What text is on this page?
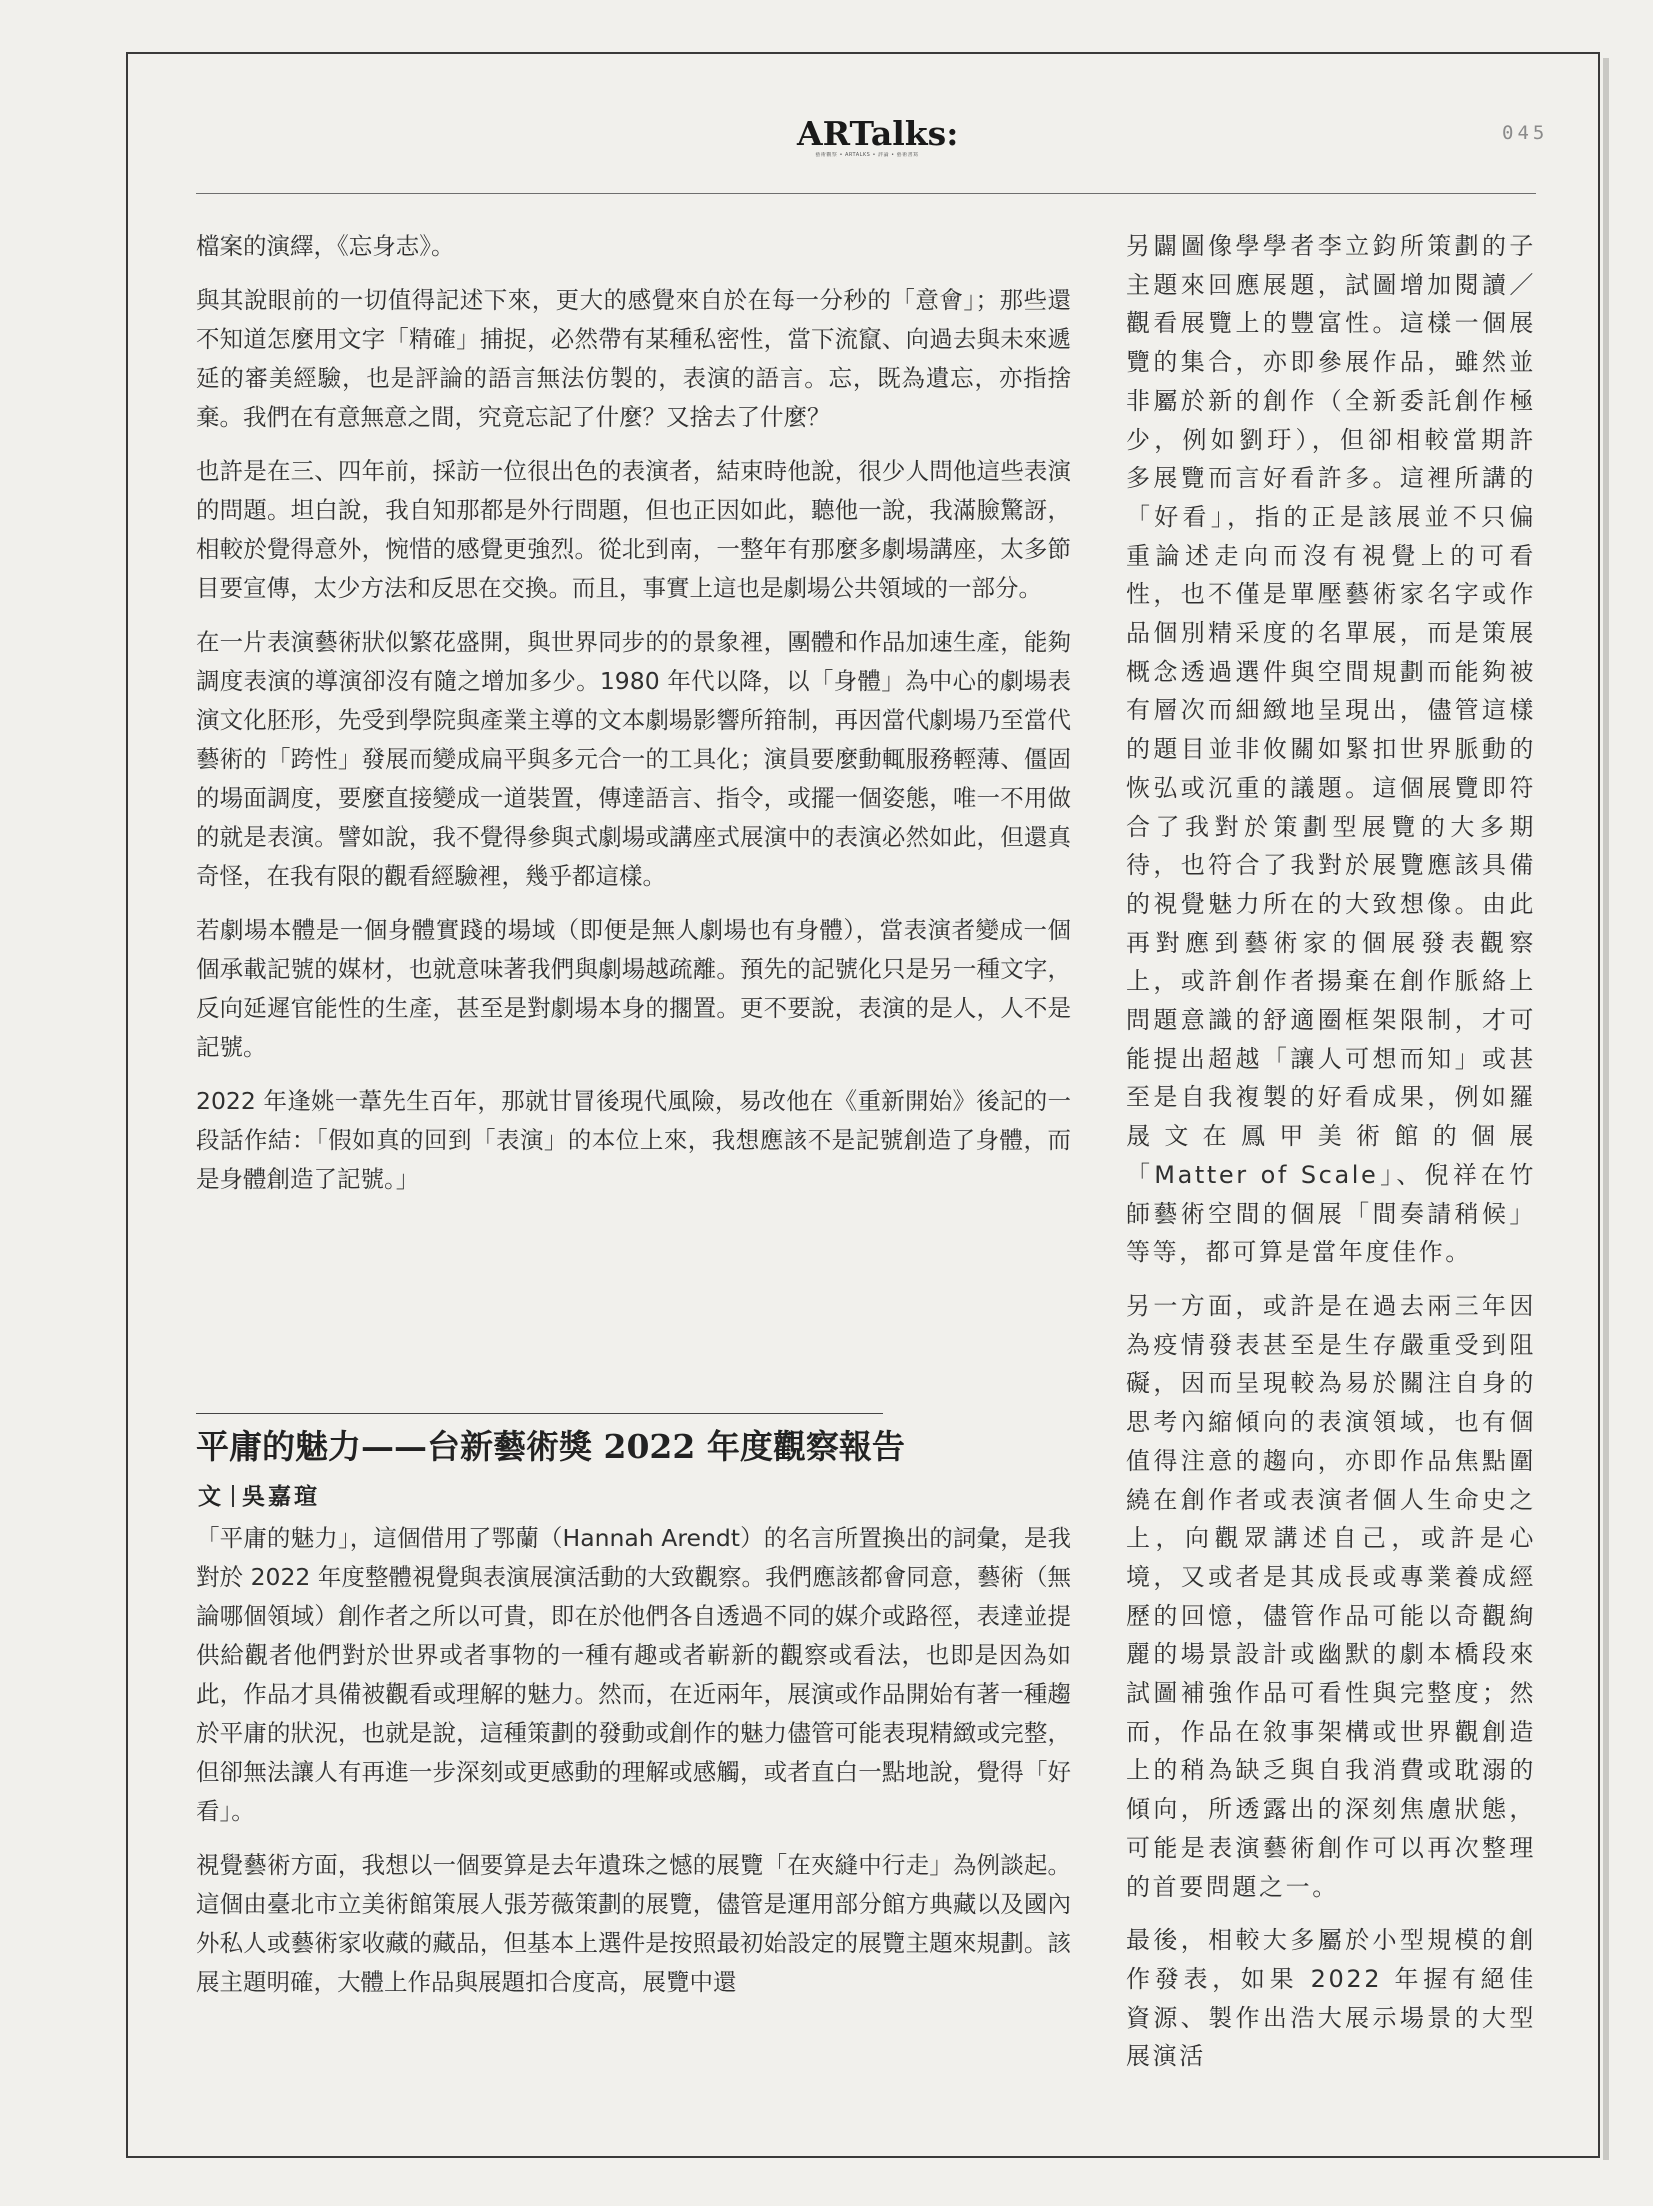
ARTalks:
藝術觀察 • ARTALKS • 評論 • 藝術書寫
045

檔案的演繹，《忘身志》。

與其說眼前的一切值得記述下來，更大的感覺來自於在每一分秒的「意會」；那些還不知道怎麼用文字「精確」捕捉，必然帶有某種私密性，當下流竄、向過去與未來遞延的審美經驗，也是評論的語言無法仿製的，表演的語言。忘，既為遺忘，亦指捨棄。我們在有意無意之間，究竟忘記了什麼？又捨去了什麼？

也許是在三、四年前，採訪一位很出色的表演者，結束時他說，很少人問他這些表演的問題。坦白說，我自知那都是外行問題，但也正因如此，聽他一說，我滿臉驚訝，相較於覺得意外，惋惜的感覺更強烈。從北到南，一整年有那麼多劇場講座，太多節目要宣傳，太少方法和反思在交換。而且，事實上這也是劇場公共領域的一部分。

在一片表演藝術狀似繁花盛開，與世界同步的的景象裡，團體和作品加速生產，能夠調度表演的導演卻沒有隨之增加多少。1980 年代以降，以「身體」為中心的劇場表演文化胚形，先受到學院與產業主導的文本劇場影響所箝制，再因當代劇場乃至當代藝術的「跨性」發展而變成扁平與多元合一的工具化；演員要麼動輒服務輕薄、僵固的場面調度，要麼直接變成一道裝置，傳達語言、指令，或擺一個姿態，唯一不用做的就是表演。譬如說，我不覺得參與式劇場或講座式展演中的表演必然如此，但還真奇怪，在我有限的觀看經驗裡，幾乎都這樣。

若劇場本體是一個身體實踐的場域（即便是無人劇場也有身體），當表演者變成一個個承載記號的媒材，也就意味著我們與劇場越疏離。預先的記號化只是另一種文字，反向延遲官能性的生產，甚至是對劇場本身的擱置。更不要說，表演的是人，人不是記號。

2022 年逢姚一葦先生百年，那就甘冒後現代風險，易改他在《重新開始》後記的一段話作結：「假如真的回到「表演」的本位上來，我想應該不是記號創造了身體，而是身體創造了記號。」

平庸的魅力——台新藝術獎 2022 年度觀察報告
文 吳嘉瑄

「平庸的魅力」，這個借用了鄂蘭（Hannah Arendt）的名言所置換出的詞彙，是我對於 2022 年度整體視覺與表演展演活動的大致觀察。我們應該都會同意，藝術（無論哪個領域）創作者之所以可貴，即在於他們各自透過不同的媒介或路徑，表達並提供給觀者他們對於世界或者事物的一種有趣或者嶄新的觀察或看法，也即是因為如此，作品才具備被觀看或理解的魅力。然而，在近兩年，展演或作品開始有著一種趨於平庸的狀況，也就是說，這種策劃的發動或創作的魅力儘管可能表現精緻或完整，但卻無法讓人有再進一步深刻或更感動的理解或感觸，或者直白一點地說，覺得「好看」。

視覺藝術方面，我想以一個要算是去年遺珠之憾的展覽「在夾縫中行走」為例談起。這個由臺北市立美術館策展人張芳薇策劃的展覽，儘管是運用部分館方典藏以及國內外私人或藝術家收藏的藏品，但基本上選件是按照最初始設定的展覽主題來規劃。該展主題明確，大體上作品與展題扣合度高，展覽中還

另闢圖像學學者李立鈞所策劃的子主題來回應展題，試圖增加閱讀／觀看展覽上的豐富性。這樣一個展覽的集合，亦即參展作品，雖然並非屬於新的創作（全新委託創作極少，例如劉玗），但卻相較當期許多展覽而言好看許多。這裡所講的「好看」，指的正是該展並不只偏重論述走向而沒有視覺上的可看性，也不僅是單壓藝術家名字或作品個別精采度的名單展，而是策展概念透過選件與空間規劃而能夠被有層次而細緻地呈現出，儘管這樣的題目並非攸關如緊扣世界脈動的恢弘或沉重的議題。這個展覽即符合了我對於策劃型展覽的大多期待，也符合了我對於展覽應該具備的視覺魅力所在的大致想像。由此再對應到藝術家的個展發表觀察上，或許創作者揚棄在創作脈絡上問題意識的舒適圈框架限制，才可能提出超越「讓人可想而知」或甚至是自我複製的好看成果，例如羅晟文在鳳甲美術館的個展「Matter of Scale」、倪祥在竹師藝術空間的個展「間奏請稍候」等等，都可算是當年度佳作。

另一方面，或許是在過去兩三年因為疫情發表甚至是生存嚴重受到阻礙，因而呈現較為易於關注自身的思考內縮傾向的表演領域，也有個值得注意的趨向，亦即作品焦點圍繞在創作者或表演者個人生命史之上，向觀眾講述自己，或許是心境，又或者是其成長或專業養成經歷的回憶，儘管作品可能以奇觀絢麗的場景設計或幽默的劇本橋段來試圖補強作品可看性與完整度；然而，作品在敘事架構或世界觀創造上的稍為缺乏與自我消費或耽溺的傾向，所透露出的深刻焦慮狀態，可能是表演藝術創作可以再次整理的首要問題之一。

最後，相較大多屬於小型規模的創作發表，如果 2022 年握有絕佳資源、製作出浩大展示場景的大型展演活
